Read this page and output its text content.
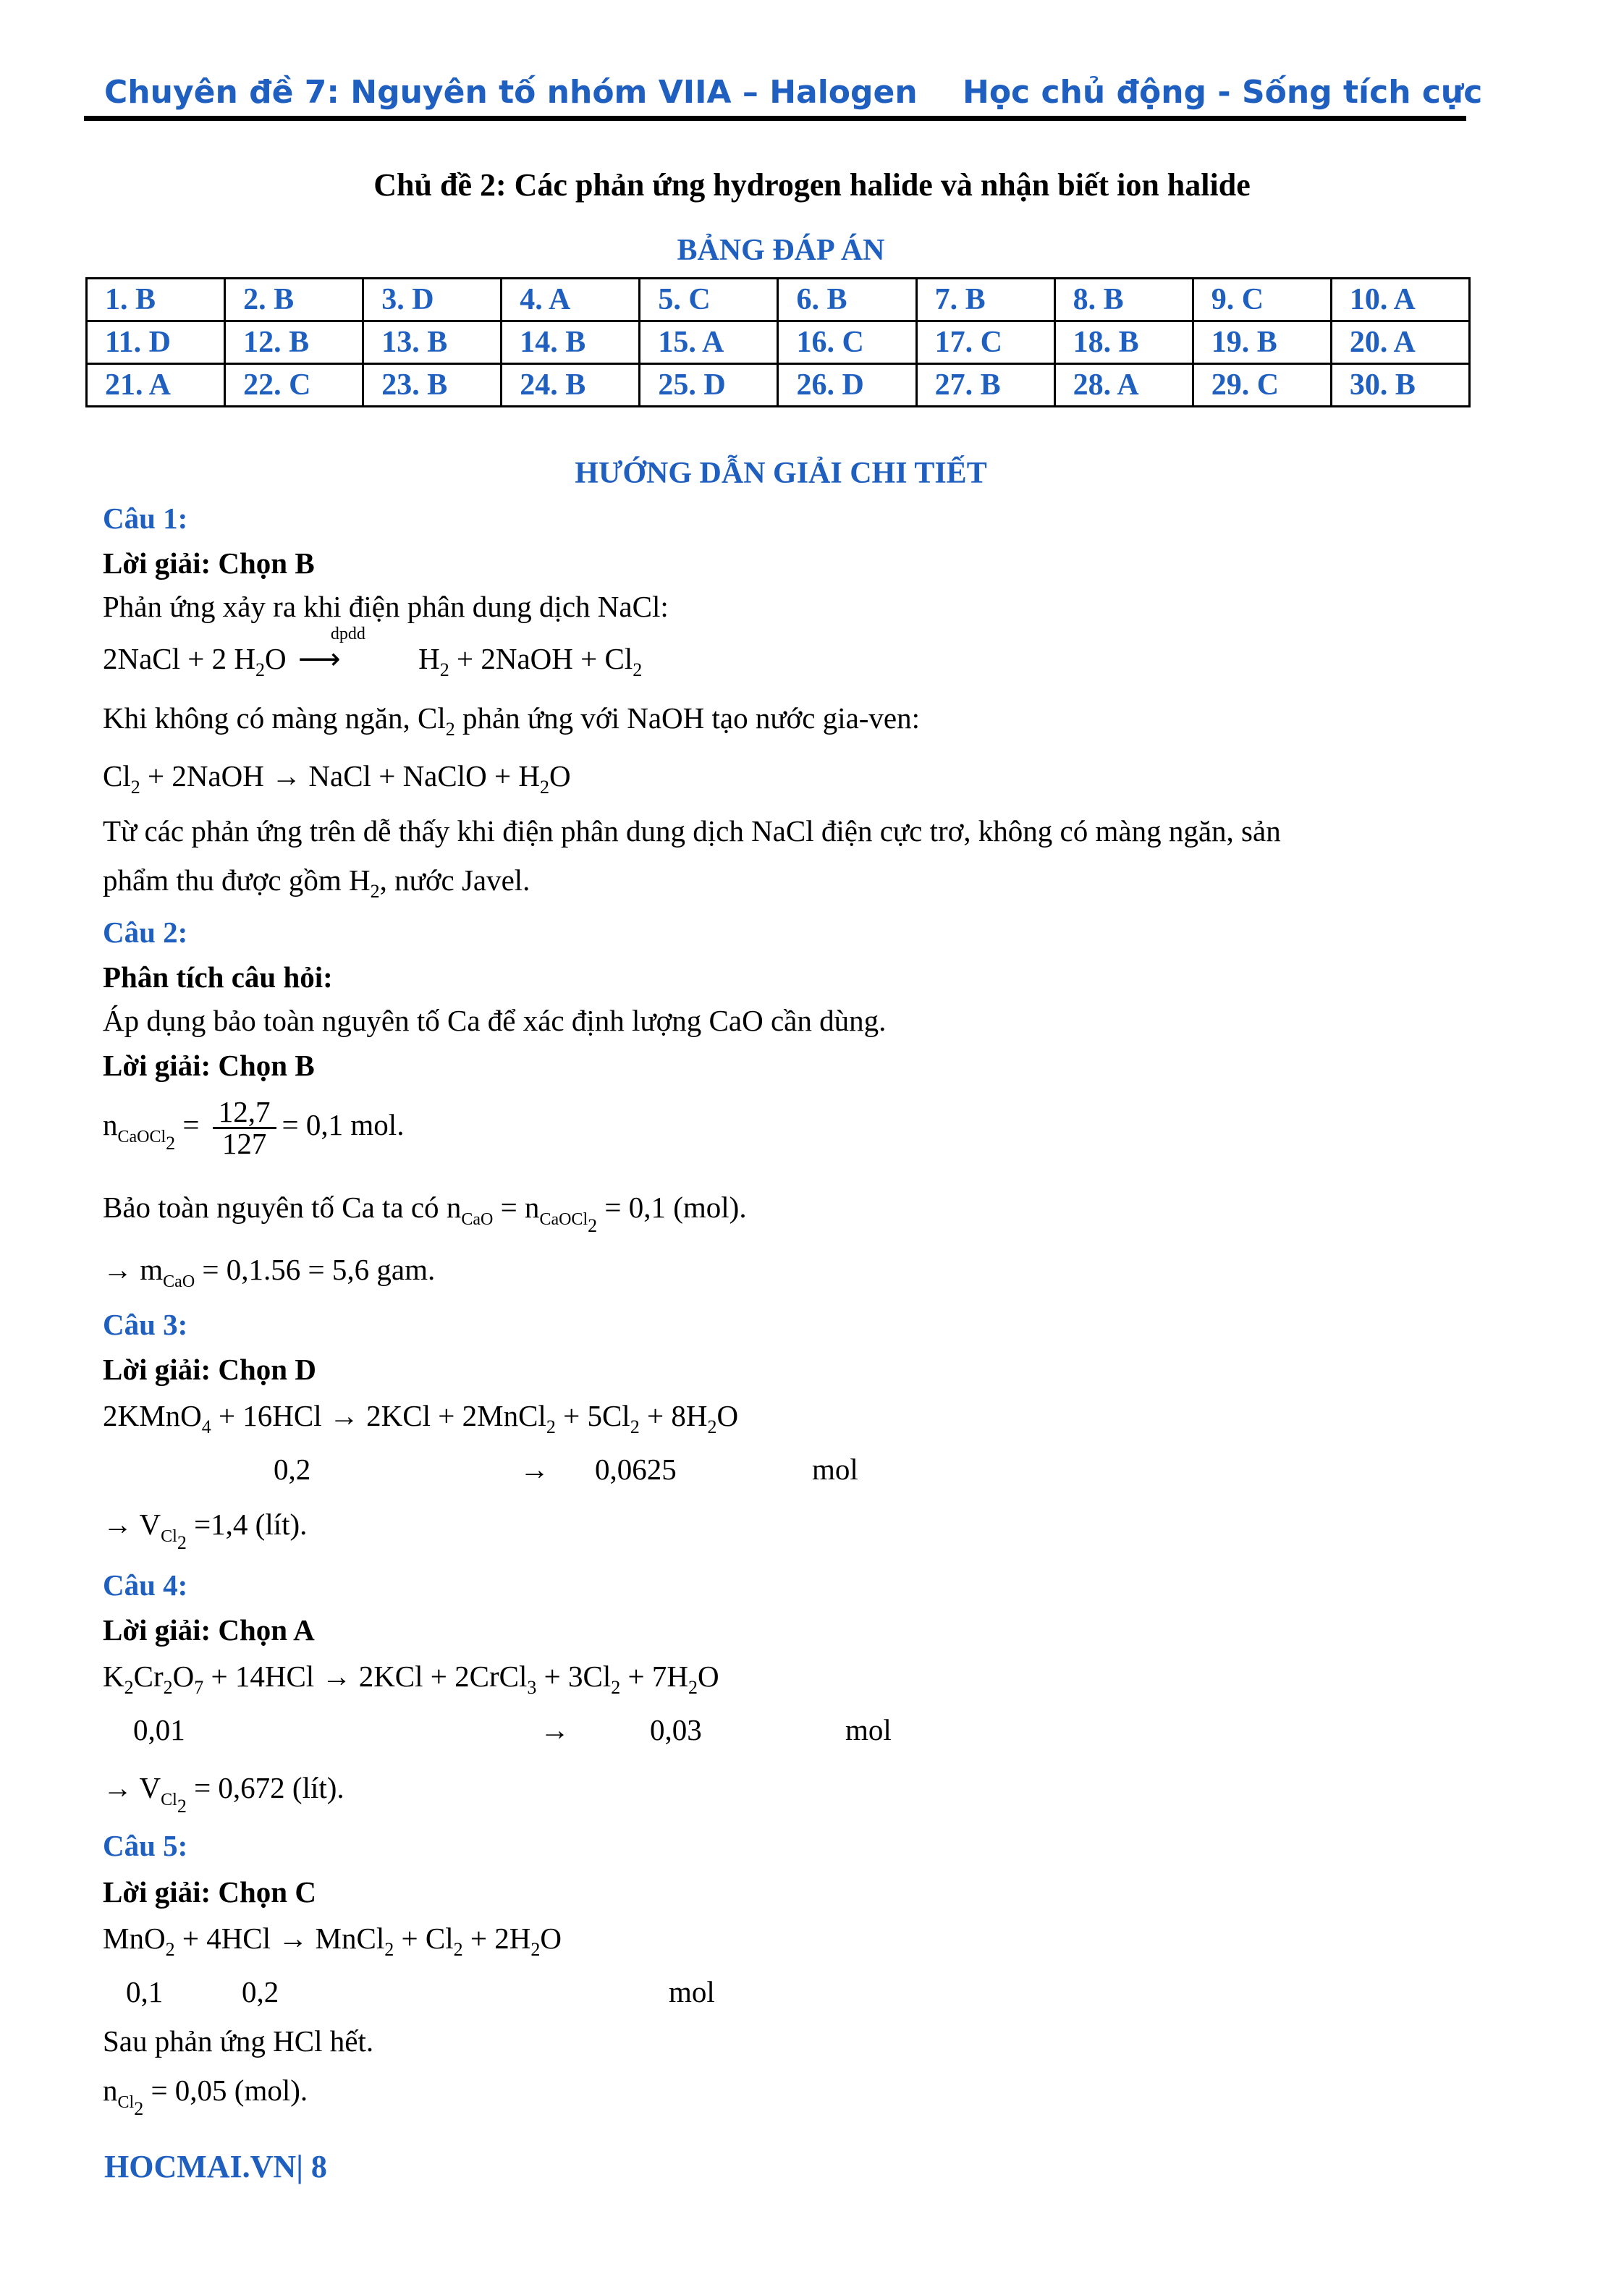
Chuyên đề 7: Nguyên tố nhóm VIIA – Halogen Học chủ động - Sống tích cực
Chủ đề 2: Các phản ứng hydrogen halide và nhận biết ion halide
BẢNG ĐÁP ÁN
1. B	2. B	3. D	4. A	5. C	6. B	7. B	8. B	9. C	10. A
11. D	12. B	13. B	14. B	15. A	16. C	17. C	18. B	19. B	20. A
21. A	22. C	23. B	24. B	25. D	26. D	27. B	28. A	29. C	30. B
HƯỚNG DẪN GIẢI CHI TIẾT
Câu 1:
Lời giải: Chọn B
Phản ứng xảy ra khi điện phân dung dịch NaCl:
2NaCl + 2 $H_2O$
dpdd
⟶ $H_2$ + 2NaOH + $Cl_2$
Khi không có màng ngăn, $Cl_2$ phản ứng với NaOH tạo nước gia-ven:
$Cl_2$ + 2NaOH → NaCl + NaClO + $H_2O$
Từ các phản ứng trên dễ thấy khi điện phân dung dịch NaCl điện cực trơ, không có màng ngăn, sản
phẩm thu được gồm $H_2$, nước Javel.
Câu 2:
Phân tích câu hỏi:
Áp dụng bảo toàn nguyên tố Ca để xác định lượng CaO cần dùng.
Lời giải: Chọn B
$n_{CaOCl_2} = \frac{12,7}{127} = 0,1$ mol.
Bảo toàn nguyên tố Ca ta có $n_{CaO} = n_{CaOCl_2} = 0,1$ (mol).
→ $m_{CaO} = 0,1.56 = 5,6$ gam.
Câu 3:
Lời giải: Chọn D
2KMnO$_4$ + 16HCl → 2KCl + 2MnCl$_2$ + $5Cl_2 + 8H_2O$
0,2	→ 0,0625	mol
→ $V_{Cl_2} =1,4$ (lít).
Câu 4:
Lời giải: Chọn A
$K_2Cr_2O_7 + 14HCl \to 2KCl$ + 2CrCl$_3$ + $3Cl_2 + 7H_2O$
0,01	→	0,03	mol
→ $V_{Cl_2} = 0,672$ (lít).
Câu 5:
Lời giải: Chọn C
MnO$_2$ + 4HCl → MnCl$_2$ + $Cl_2 + 2H_2O$
0,1	0,2	mol
Sau phản ứng HCl hết.
$n_{Cl_2} = 0,05$ (mol).
HOCMAI.VN| 8
